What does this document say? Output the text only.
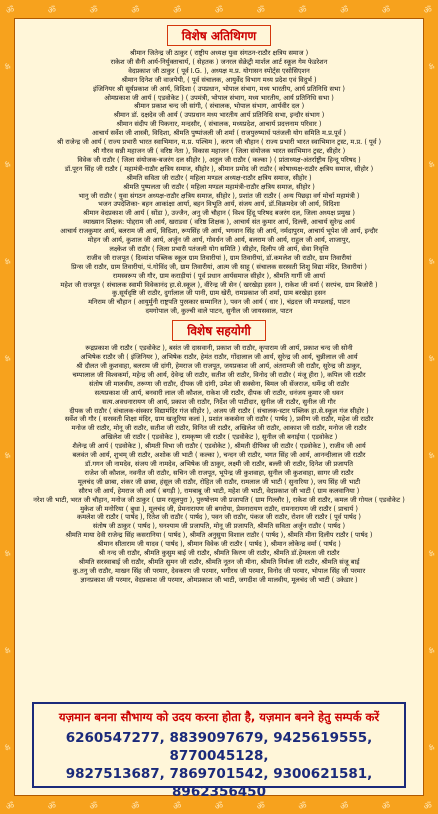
ॐ	ॐ	ॐ	ॐ	ॐ	ॐ	ॐ	ॐ	ॐ	ॐ	ॐ
ॐ
ॐ
ॐ
ॐ
ॐ
ॐ
ॐ
ॐ
ॐ
ॐ
ॐ
ॐ
ॐ
ॐ
ॐ
ॐ
विशेष अतिथिगण

श्रीमान जितेन्द्र जी ठाकुर ( राष्ट्रीय अध्यक्ष युवा संगठन-राठौर क्षत्रिय समाज )

राकेश जी सैनी आर्य-निर्युक्ताचार्य, ( सेहतक ) जनरल सेक्रेट्री मार्शल आर्ट स्कूल गेम फेडरेशन

वेदप्रकाश जी ठाकुर ( पूर्व I.G. ), अध्यक्ष म.प्र. योगासन स्पोर्ट्स एसोसिएशन

श्रीमान दिनेश जी वाजपेयी, ( पूर्व संचालक, आयुर्वेद विभाग मध्य प्रदेश एवं विदुर्भ )

इंजिनियर श्री सूर्यप्रकाश जी आर्य, विदिशा ( उपप्रधान, भोपाल संभाग, मध्य भारतीय, आर्य प्रतिनिधि सभा )

ओमप्रकाश जी आर्य ( एडवोकेट ) ( उपमंत्री, भोपाल संभाग, मध्य भारतीय, आर्य प्रतिनिधि सभा )

श्रीमान प्रकाश चन्द जी सांगी, ( संचालक, भोपाल संभाग, आर्यवीर दल )

श्रीमान डॉ. दक्षदेव जी आर्य ( उपप्रधान मध्य भारतीय आर्य प्रतिनिधि सभा, इन्दौर संभाग )

श्रीमान संदीप जी पिकनार, मन्दसौर, ( संचालक, मध्यप्रदेश, आचार्य प्रदत्तनाम परिवार )

आचार्य सर्वेश जी शास्त्री, विदिशा, श्रीमति पुष्पांजली जी शर्मा ( राजपुरुष्यार्थ पतंजली योग समिति म.प्र.पूर्व )

श्री राजेन्द्र जी आर्य ( राज्य प्रभारी भारत स्वाभिमान, म.प्र. पश्चिम ), करण जी चौहान ( राज्य प्रभारी भारत स्वाभिमान ट्रस्ट, म.प्र. ( पूर्व )

श्री गौरव सन्नी महाजन जी ( वरिष्ठ नेता ), विकास महाजन ( जिला संयोजक भारत स्वाभिमान ट्रस्ट, सीहोर )

विवेक जी राठौर ( जिला संयोजक-बजरंग दल सीहोर ), अतुल जी राठौर ( कल्का ) ( प्रांताध्यक्ष-अंतर्राष्ट्रीय हिन्दू परिषद )

डॉ.पूरन सिंह जी राठौर ( महामंत्री-राठौर क्षत्रिय समाज, सीहोर ), श्रीमान प्रमोद जी राठौर ( कोषाध्यक्ष-राठौर क्षत्रिय समाज, सीहोर )

श्रीमति सविता जी राठौर ( महिला मण्डल अध्यक्ष-राठौर क्षत्रिय समाज, सीहोर )

श्रीमति पुष्पलता जी राठौर ( महिला मण्डल महामंत्री-राठौर क्षत्रिय समाज, सीहोर )

भानु जी राठौर ( युवा संगठन अध्यक्ष-राठौर क्षत्रिय समाज, सीहोर ), प्रशांत जी राठौर ( अन्य पिछड़ा वर्ग मोर्चा महामंत्री )

भजन उपदेशिका- बहन आकांक्षा आर्या, बहन विभूति आर्य, संजय आर्य, डॉ.विक्रमदेव जी आर्य, विदिशा

श्रीमान वेदप्रकाश जी आर्य ( सोंडा ), उज्जैन, अनु जी चौहान ( विश्व हिंदू परिषद बजरंग दल, जिला अध्यक्ष प्रमुख )

व्याख्यान शिक्षक: पोद्दराम जी आर्य, खराडवा ( वरिष्ठ शिक्षक ), आचार्य संत कुमार आर्य, दिल्ली, आचार्य सुरेन्द्र आर्य

आचार्य राजकुमार आर्य, बलराम जी आर्य, विदिशा, रूपसिंह जी आर्य, भगवान सिंह जी आर्य, नर्मदापुरम, आचार्य भूपेश जी आर्य, इन्दौर

मोहन जी आर्य, कुशाल जी आर्य, अर्जुन जी आर्य, गोवर्धन जी आर्य, बलराम जी आर्य, राहुल जी आर्य, शाजापुर,

लक्ष्केश जी राठौर ( जिला प्रभारी पतंजली योग समिति ) सीहोर, दिलीप जी आर्य, सेवा निवृत्ति

राजीव जी राजपूत ( दिव्यांश पब्लिक स्कूल ग्राम तिवारीयां ), ग्राम तिवारीयां, डॉ.कमलेश जी राठौर, ग्राम तिवारीयां

प्रिन्स जी राठौर, ग्राम तिवारीयां, पं.गोविंद जी, ग्राम तिवारीयां, आत्म जी साहू ( संचालक सरस्वती शिशु विद्या मंदिर, तिवारीयां )

रामस्वरूप जी गौर, ग्राम कराड़ीयां ( पूर्व प्रधान आर्यसमाज सीहोर ), श्रीमति गार्गी जी आर्या

महेश जी राजपूत ( संचालक स्वामी विवेकानंद हा.से.स्कूल ), वीरेन्द्र जी सेन ( खरखेड़ा हसन ), राकेश जी वर्मा ( सरपंच, ग्राम बिजोरी )

कु.सूर्यदृष्टि जी राठौर, दुर्गालाल जी पानी, ग्राम खेरी, रामप्रकाश जी शर्मा, ग्राम बरखेड़ा हसन

मनिराम जी चौहान ( आयुर्मुनी राष्ट्रपति पुरस्कार सम्मानित ), पवन जी आर्य ( धार ), चंद्रदत्त जी मण्डलाई, पाटन

दमगोपाल जी, कुल्ची वाले पाटन, सुनील जी जायसवाल, पाटन

विशेष सहयोगी

रूद्रप्रकाश जी राठौर ( एडवोकेट ), बसंत जी दासवानी, प्रकाश जी राठौर, कृपाराम जी आर्य, प्रकाश चन्द जी सोनी

अभिषेक राठौर जी ( इंजिनियर ), अभिषेक राठौर, हेमंत राठौर, गोंदालाल जी आर्य, सुरेन्द्र जी आर्य, चुन्नीलाल जी आर्य

श्री दौलत जी कुशवाहा, बलराम जी दांगी, हेमराज जी राजपूत, जयप्रकाश जी आर्य, अंतराम्जी जी राठौर, सुरेन्द्र जी ठाकुर,

चम्पालाल जी विश्वकर्मा, महेन्द्र जी आर्य, देवेन्द्र जी राठौर, सतीश जी राठौर, विनोद जी राठौर ( मंजू हीरा ), कपिल जी राठौर

संतोष जी मालवीय, तरूणा जी राठौर, दीपक जी दांगी, उमेश जी सक्सेना, बिमल जी सेंजराज, धर्मेन्द्र जी राठौर

सत्यप्रकाश जी आर्य, बनवारी लाल जी कौशल, राकेश जी राठौर, दीपक जी राठौर, धनंजय कुमार जी धवन

सत्य.अवधनारायण जी आर्य, प्रकाश जी राठौर, निर्देश जी पाटीदार, सुनील जी राठौर, सुनील जी गौर

दीपक जी राठौर ( संचालक-संस्कार विद्यामंदिर गंज सीहोर ), अजय जी राठौर ( संचालक-स्टार पब्लिक हा.से.स्कूल गंज सीहोर )

सर्वेश जी गौर ( सरस्वती शिक्षा मंदिर, ग्राम खजूरिया कलां ), प्रशांत ककसेना जी राठौर ( पार्षद ), प्रवीण जी राठौर, महेश जी राठौर

मनोज जी राठौर, मोनू जी राठौर, सतीश जी राठौर, विनित जी राठौर, अखिलेश जी राठौर, आकाश जी राठौर, मनोज जी राठौर

अखिलेश जी राठौर ( एडवोकेट ), रामकृष्ण जी राठौर ( एडवोकेट ), सुनील जी बनाईया ( एडवोकेट )

शैलेन्द्र जी आर्य ( एडवोकेट ), श्रीमती विभा जी राठौर ( एडवोकेट ), श्रीमती दीपिका जी राठौर ( एडवोकेट ), राजीव जी आर्य

बलवंत जी आर्य, शुभम् जी राठौर, अशोक जी भाटी ( कल्का ), चन्दन जी राठौर, भगत सिंह जी आर्य, आनन्दीलाल जी राठौर

डॉ.गगन जी नामदेव, संजय जी नामदेव, अभिषेक जी ठाकुर, लक्ष्मी जी राठौर, बल्ली जी राठौर, दिनेश जी प्रजापति

राजेश जी कौशल, नवनीत जी राठौर, सचिन जी राजपूत, भूपेन्द्र जी कुशवाहा, सुनील जी कुशवाहा, सागर जी राठौर

मूलचंद जी छाबा, शंकर जी छाबा, हंसूल जी राठौर, रोहित जी राठौर, रामलाल जी भाटी ( सुनारिया ), जय सिंह जी भाटी

सौरभ जी आर्य, हेमराज जी आर्य ( बगड़ी ), रामबाबू जी भाटी, महेश जी भाटी, वेदप्रकाश जी भाटी ( ग्राम कलवानिया )

नरेश जी भाटी, भरत जी चौहान, मनोज जी ठाकुर ( ग्राम रसूलपुरा ), पुरुषोत्तम जी प्रजापति ( ग्राम गिल्लौर ), राकेश जी राठौर, कमल जी गोयल ( एडवोकेट )

मुकेश जी मनोरिया ( बुधा ), मूलचंद जी, प्रेमनारायण जी बगरोया, प्रेमनारायण राठौर, रामनारायण जी राठौर ( प्राचार्य )

कमलेश जी राठौर ( पार्षद ), रितेश जी राठौर ( पार्षद ), पवन जी राठौर, पंकज जी राठौर, रोशन जी राठौर ( पूर्व पार्षद )

संतोष जी ठाकुर ( पार्षद ), घनश्याम जी प्रजापति, मोनू जी प्रजापति, श्रीमति सविता अर्जुन राठौर ( पार्षद )

श्रीमति माया देवी राजेन्द्र सिंह कसरानिया ( पार्षद ), श्रीमति अनुसुया विशाल राठौर ( पार्षद ), श्रीमति मीना दिलीप राठौर ( पार्षद )

श्रीमान सीताराम जी यादव ( पार्षद ), श्रीमान विवेक जी राठौर ( पार्षद ), श्रीमान लोकेन्द्र वर्मा ( पार्षद )

श्री नन्द जी राठौर, श्रीमति कुसुम बाई जी राठौर, श्रीमति किरण जी राठौर, श्रीमति डॉ.हेमलता जी राठौर

श्रीमति सरस्वाबाई जी राठौर, श्रीमति सुमन जी राठौर, श्रीमति नूतन जी मीना, श्रीमति निर्मला जी राठौर, श्रीमति संजू बाई

कु.तनु जी राठौर, माखन सिंह जी परमार, देवकरण जी परमार, भगीरथ जी परमार, विनोद जी परमार, भोपाल सिंह जी परमार

ज्ञानप्रकाश जी परमार, वेदप्रकाश जी परमार, ओमप्रकाश जी भाटी, जगदीश जी मालवीय, मूलचंद जी भाटी ( उकेडार )

यज़मान बनना सौभाग्य को उदय करना होता है, यज़मान बनने हेतु सम्पर्क करें
6260547277, 8839097679, 9425619555, 8770045128,
9827513687, 7869701542, 9300621581, 8962356450
ॐ	ॐ	ॐ	ॐ	ॐ	ॐ	ॐ	ॐ	ॐ	ॐ	ॐ
